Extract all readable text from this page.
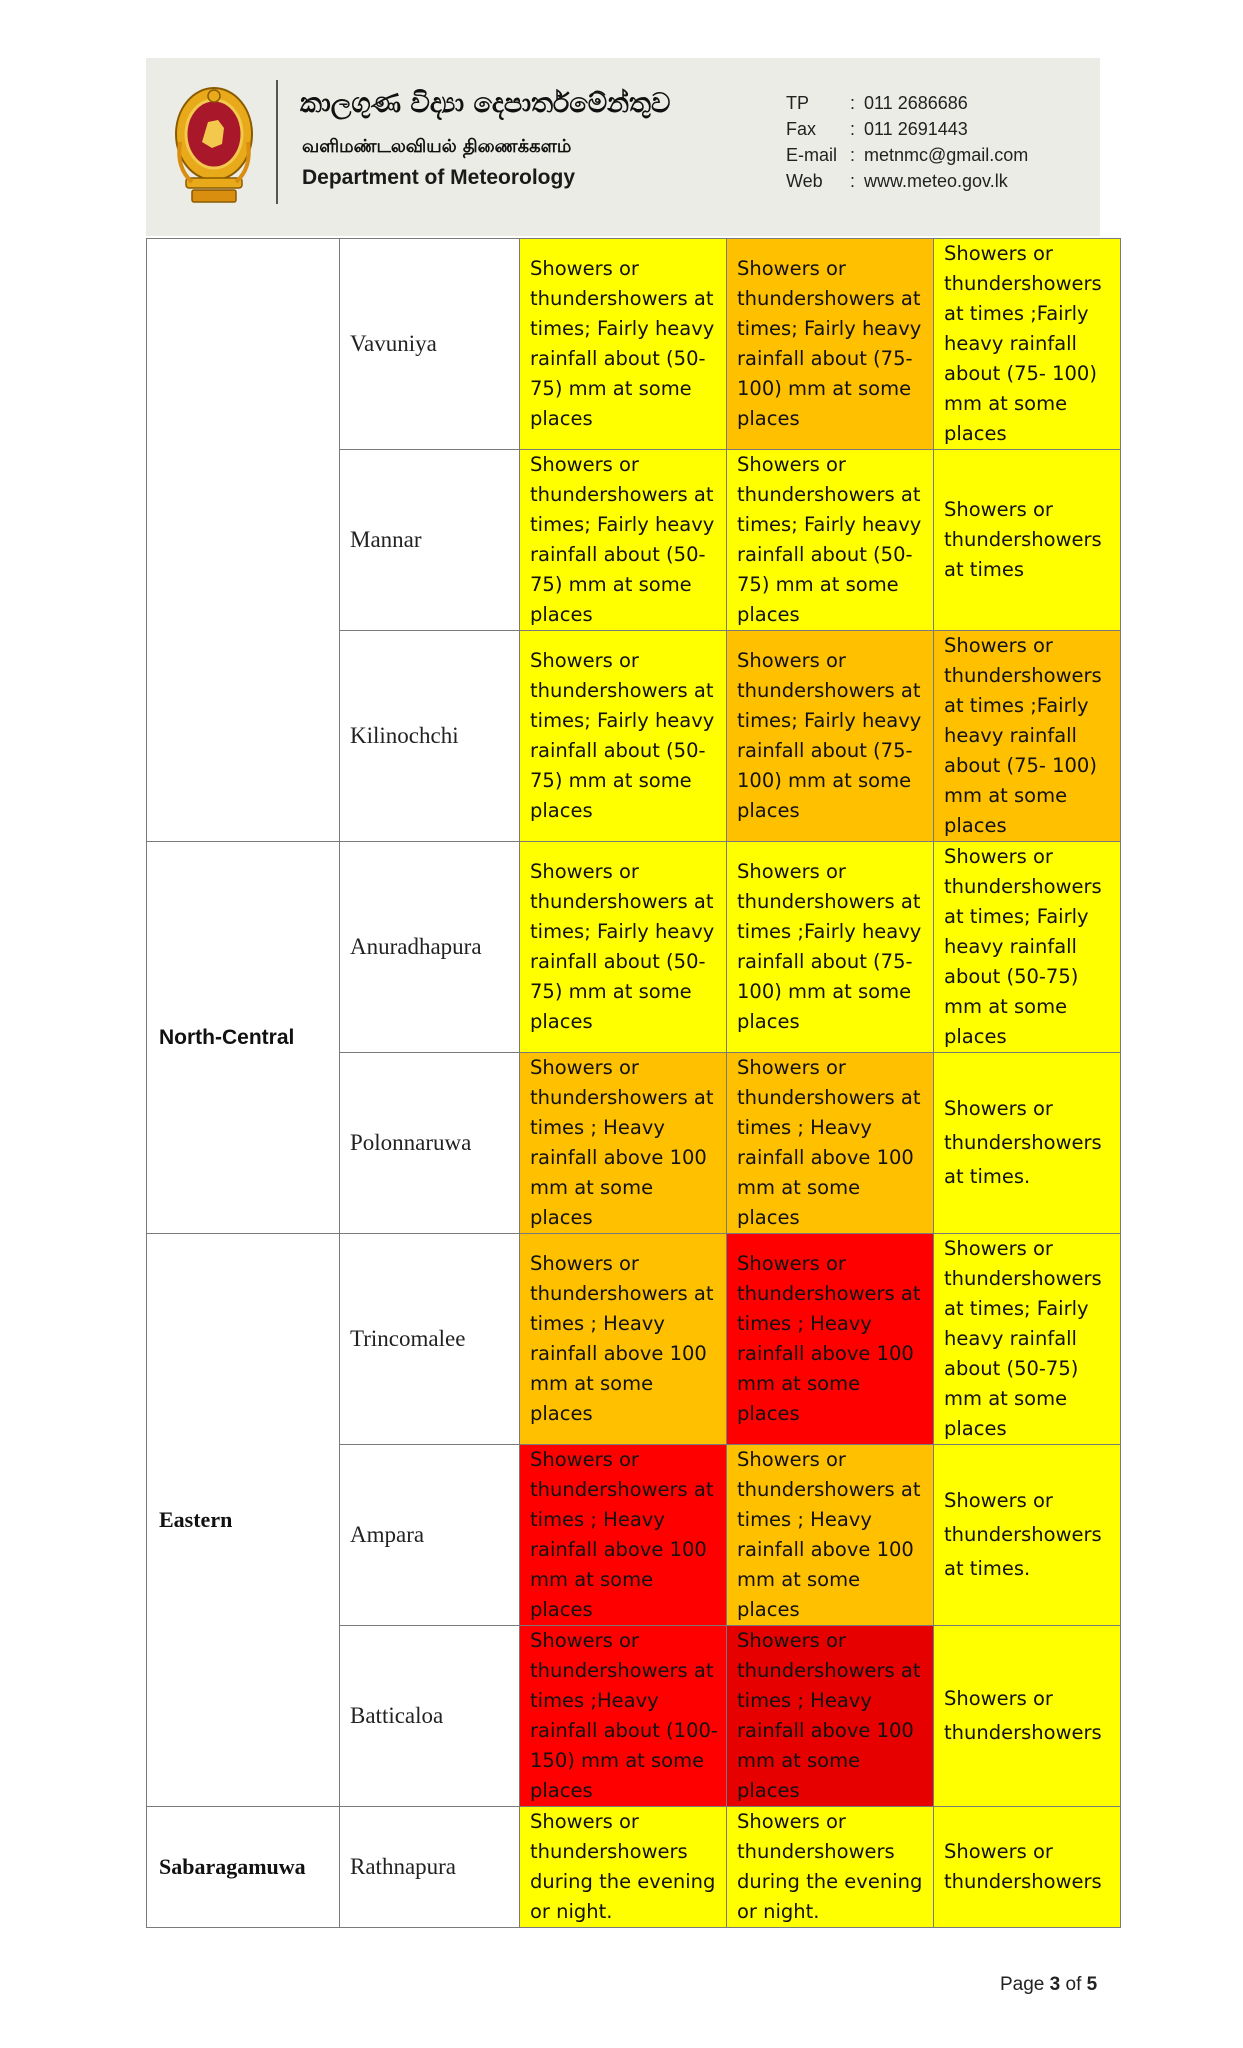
කාලගුණ විද්‍යා දෙපාර්තමේන්තුව
வளிமண்டலவியல் திணைக்களம்
Department of Meteorology
TP : 011 2686686
Fax : 011 2691443
E-mail : metnmc@gmail.com
Web : www.meteo.gov.lk
	Vavuniya	Showers or thundershowers at times; Fairly heavy rainfall about (50-75) mm at some places	Showers or thundershowers at times; Fairly heavy rainfall about (75- 100) mm at some places	Showers or thundershowers at times ;Fairly heavy rainfall about (75- 100) mm at some places
	Mannar	Showers or thundershowers at times; Fairly heavy rainfall about (50-75) mm at some places	Showers or thundershowers at times; Fairly heavy rainfall about (50-75) mm at some places	Showers or thundershowers at times
	Kilinochchi	Showers or thundershowers at times; Fairly heavy rainfall about (50-75) mm at some places	Showers or thundershowers at times; Fairly heavy rainfall about (75- 100) mm at some places	Showers or thundershowers at times ;Fairly heavy rainfall about (75- 100) mm at some places
North-Central	Anuradhapura	Showers or thundershowers at times; Fairly heavy rainfall about (50-75) mm at some places	Showers or thundershowers at times ;Fairly heavy rainfall about (75- 100) mm at some places	Showers or thundershowers at times; Fairly heavy rainfall about (50-75) mm at some places
	Polonnaruwa	Showers or thundershowers at times ; Heavy rainfall above 100 mm at some places	Showers or thundershowers at times ; Heavy rainfall above 100 mm at some places	Showers or thundershowers at times.
Eastern	Trincomalee	Showers or thundershowers at times ; Heavy rainfall above 100 mm at some places	Showers or thundershowers at times ; Heavy rainfall above 100 mm at some places	Showers or thundershowers at times; Fairly heavy rainfall about (50-75) mm at some places
	Ampara	Showers or thundershowers at times ; Heavy rainfall above 100 mm at some places	Showers or thundershowers at times ; Heavy rainfall above 100 mm at some places	Showers or thundershowers at times.
	Batticaloa	Showers or thundershowers at times ;Heavy rainfall about (100- 150) mm at some places	Showers or thundershowers at times ; Heavy rainfall above 100 mm at some places	Showers or thundershowers
Sabaragamuwa	Rathnapura	Showers or thundershowers during the evening or night.	Showers or thundershowers during the evening or night.	Showers or thundershowers
Page 3 of 5
